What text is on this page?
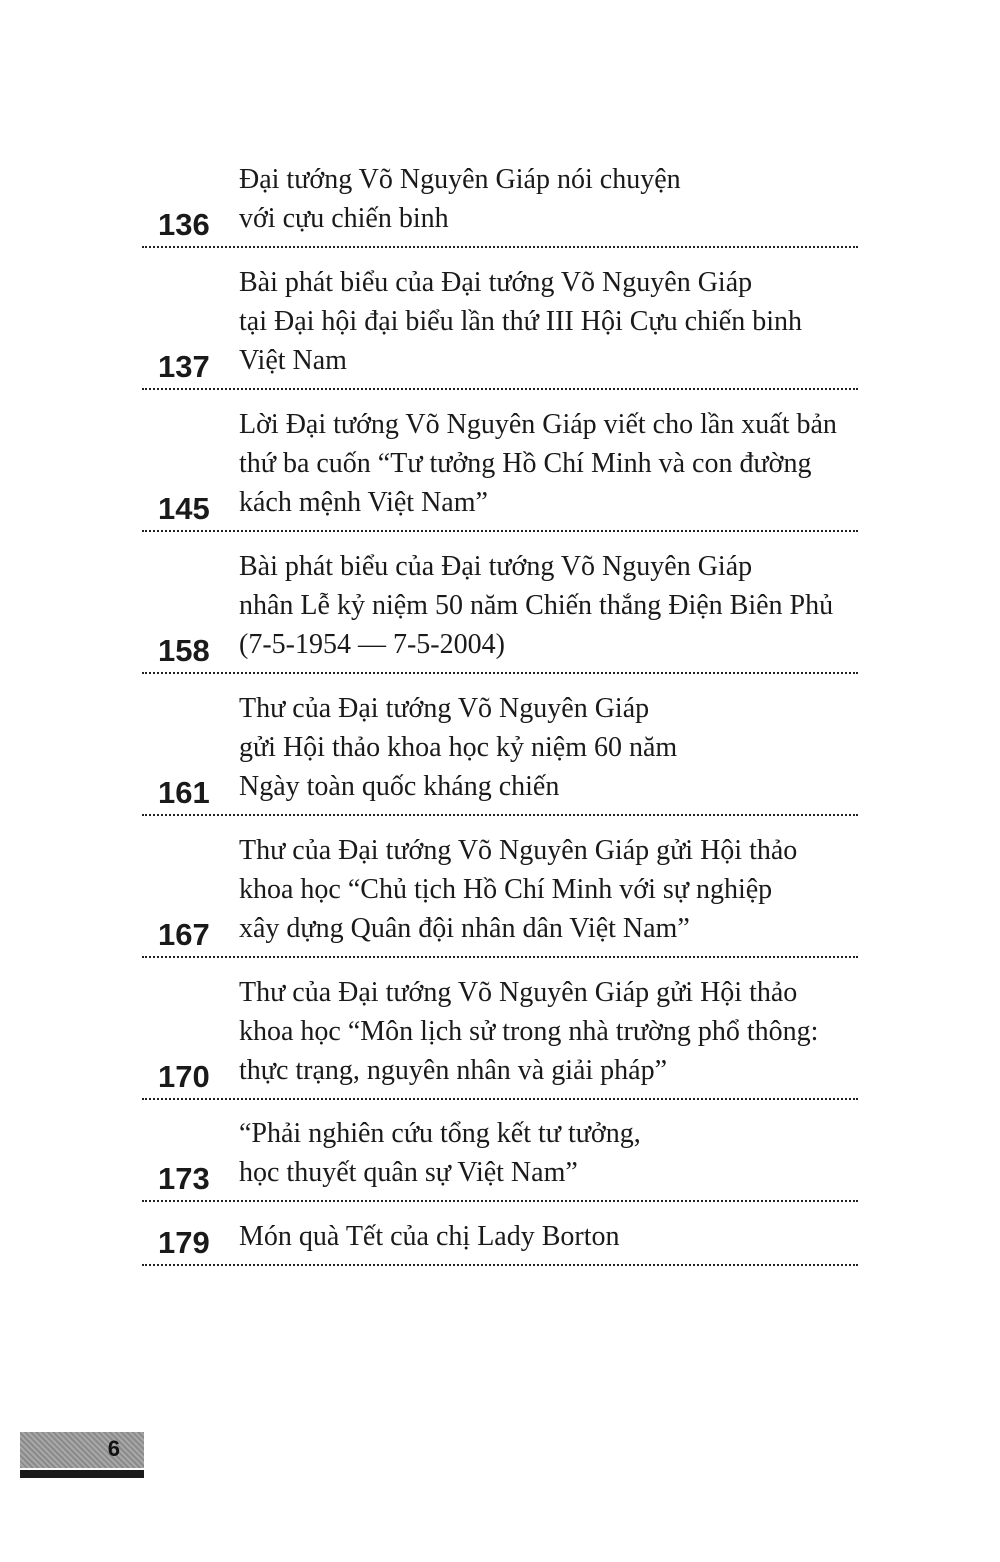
136
Đại tướng Võ Nguyên Giáp nói chuyện
với cựu chiến binh
137
Bài phát biểu của Đại tướng Võ Nguyên Giáp
tại Đại hội đại biểu lần thứ III Hội Cựu chiến binh
Việt Nam
145
Lời Đại tướng Võ Nguyên Giáp viết cho lần xuất bản
thứ ba cuốn “Tư tưởng Hồ Chí Minh và con đường
kách mệnh Việt Nam”
158
Bài phát biểu của Đại tướng Võ Nguyên Giáp
nhân Lễ kỷ niệm 50 năm Chiến thắng Điện Biên Phủ
(7-5-1954 — 7-5-2004)
161
Thư của Đại tướng Võ Nguyên Giáp
gửi Hội thảo khoa học kỷ niệm 60 năm
Ngày toàn quốc kháng chiến
167
Thư của Đại tướng Võ Nguyên Giáp gửi Hội thảo
khoa học “Chủ tịch Hồ Chí Minh với sự nghiệp
xây dựng Quân đội nhân dân Việt Nam”
170
Thư của Đại tướng Võ Nguyên Giáp gửi Hội thảo
khoa học “Môn lịch sử trong nhà trường phổ thông:
thực trạng, nguyên nhân và giải pháp”
173
“Phải nghiên cứu tổng kết tư tưởng,
học thuyết quân sự Việt Nam”
179	Món quà Tết của chị Lady Borton
6
